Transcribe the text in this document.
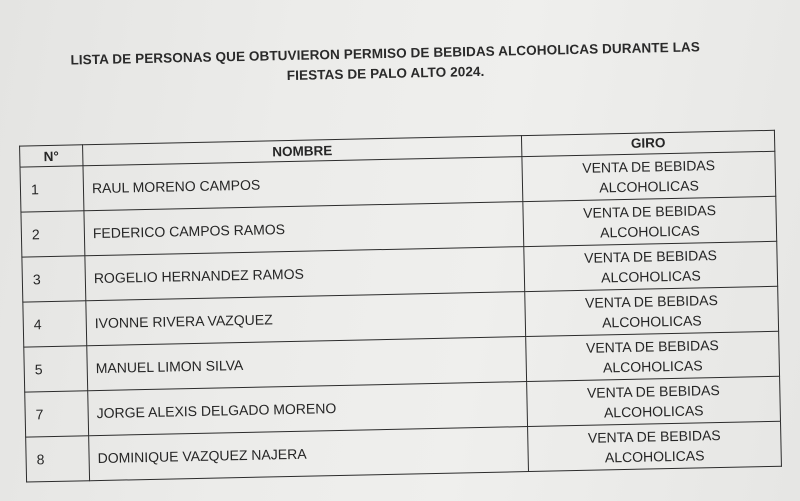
LISTA DE PERSONAS QUE OBTUVIERON PERMISO DE BEBIDAS ALCOHOLICAS DURANTE LAS
FIESTAS DE PALO ALTO 2024.
N°	NOMBRE	GIRO
1	RAUL MORENO CAMPOS	VENTA DE BEBIDAS
ALCOHOLICAS

2	FEDERICO CAMPOS RAMOS	VENTA DE BEBIDAS
ALCOHOLICAS

3	ROGELIO HERNANDEZ RAMOS	VENTA DE BEBIDAS
ALCOHOLICAS

4	IVONNE RIVERA VAZQUEZ	VENTA DE BEBIDAS
ALCOHOLICAS

5	MANUEL LIMON SILVA	VENTA DE BEBIDAS
ALCOHOLICAS

7	JORGE ALEXIS DELGADO MORENO	VENTA DE BEBIDAS
ALCOHOLICAS

8	DOMINIQUE VAZQUEZ NAJERA	VENTA DE BEBIDAS
ALCOHOLICAS
